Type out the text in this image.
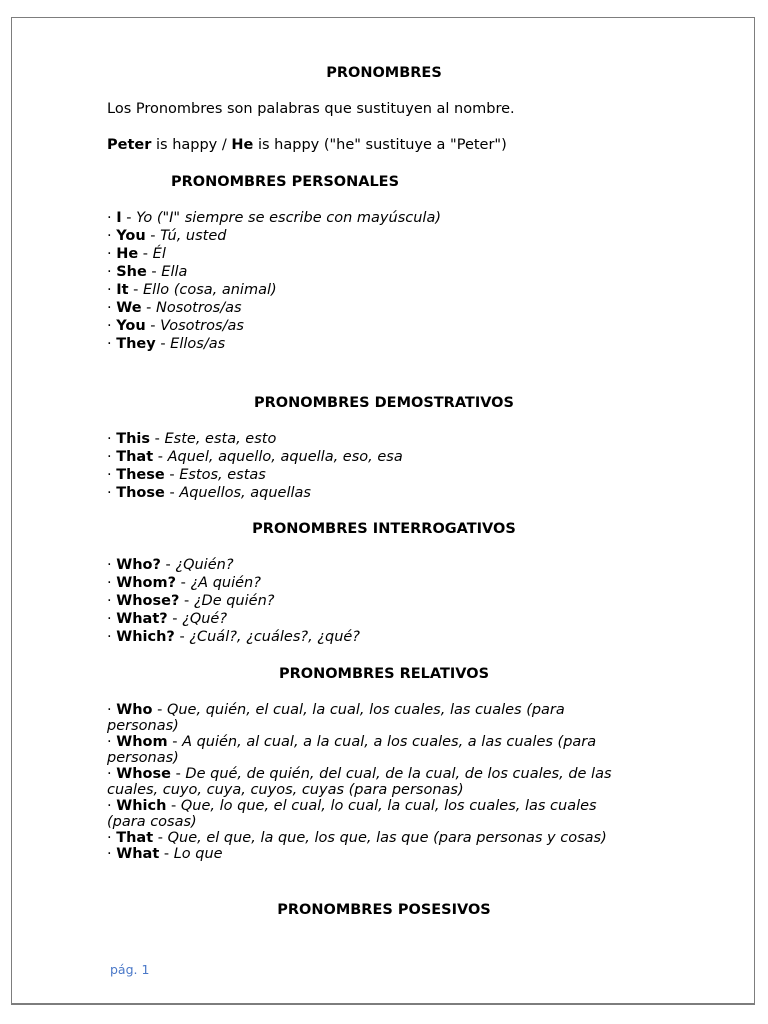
PRONOMBRES
Los Pronombres son palabras que sustituyen al nombre.
Peter is happy / He is happy ("he" sustituye a "Peter")
PRONOMBRES PERSONALES
· I - Yo ("I" siempre se escribe con mayúscula)
· You - Tú, usted
· He - Él
· She - Ella
· It - Ello (cosa, animal)
· We - Nosotros/as
· You - Vosotros/as
· They - Ellos/as
PRONOMBRES DEMOSTRATIVOS
· This - Este, esta, esto
· That - Aquel, aquello, aquella, eso, esa
· These - Estos, estas
· Those - Aquellos, aquellas
PRONOMBRES INTERROGATIVOS
· Who? - ¿Quién?
· Whom? - ¿A quién?
· Whose? - ¿De quién?
· What? - ¿Qué?
· Which? - ¿Cuál?, ¿cuáles?, ¿qué?
PRONOMBRES RELATIVOS
· Who - Que, quién, el cual, la cual, los cuales, las cuales (para personas)
· Whom - A quién, al cual, a la cual, a los cuales, a las cuales (para personas)
· Whose - De qué, de quién, del cual, de la cual, de los cuales, de las cuales, cuyo, cuya, cuyos, cuyas (para personas)
· Which - Que, lo que, el cual, lo cual, la cual, los cuales, las cuales (para cosas)
· That - Que, el que, la que, los que, las que (para personas y cosas)
· What - Lo que
PRONOMBRES POSESIVOS
pág. 1
